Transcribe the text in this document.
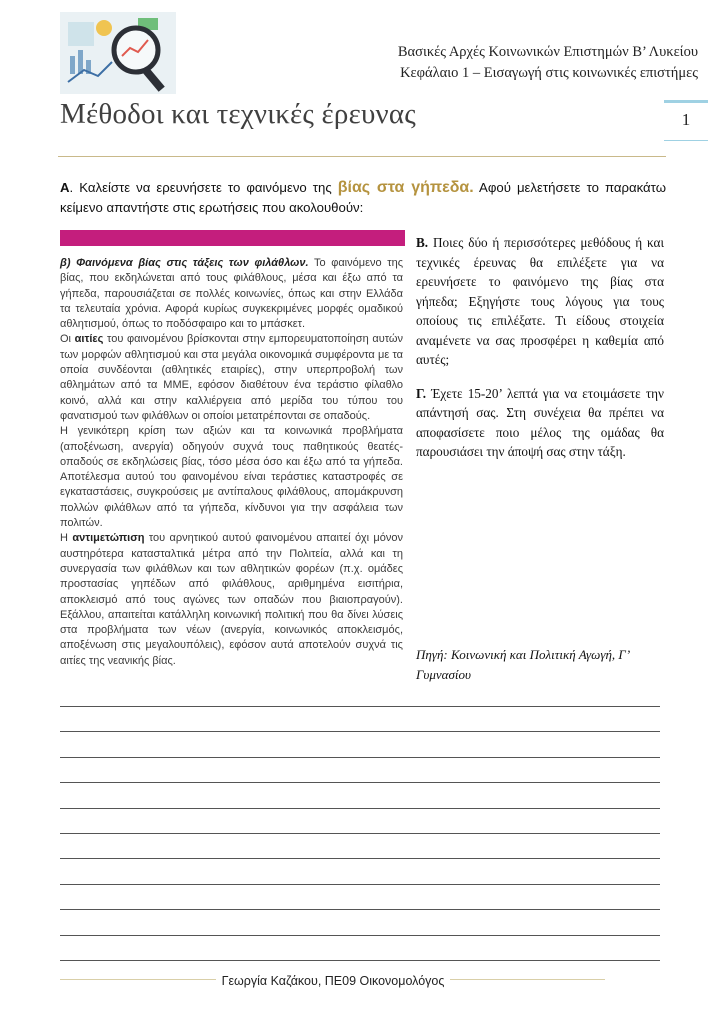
Βασικές Αρχές Κοινωνικών Επιστημών Β’ Λυκείου
Κεφάλαιο 1 – Εισαγωγή στις κοινωνικές επιστήμες
1
Μέθοδοι και τεχνικές έρευνας
Α. Καλείστε να ερευνήσετε το φαινόμενο της βίας στα γήπεδα. Αφού μελετήσετε το παρακάτω κείμενο απαντήστε στις ερωτήσεις που ακολουθούν:

β) Φαινόμενα βίας στις τάξεις των φιλάθλων. Το φαινόμενο της βίας, που εκδηλώνεται από τους φιλάθλους, μέσα και έξω από τα γήπεδα, παρουσιάζεται σε πολλές κοινωνίες, όπως και στην Ελλάδα τα τελευταία χρόνια. Αφορά κυρίως συγκεκριμένες μορφές ομαδικού αθλητισμού, όπως το ποδόσφαιρο και το μπάσκετ.

Οι αιτίες του φαινομένου βρίσκονται στην εμπορευματοποίηση αυτών των μορφών αθλητισμού και στα μεγάλα οικονομικά συμφέροντα με τα οποία συνδέονται (αθλητικές εταιρίες), στην υπερπροβολή των αθλημάτων από τα ΜΜΕ, εφόσον διαθέτουν ένα τεράστιο φίλαθλο κοινό, αλλά και στην καλλιέργεια από μερίδα του τύπου του φανατισμού των φιλάθλων οι οποίοι μετατρέπονται σε οπαδούς.

Η γενικότερη κρίση των αξιών και τα κοινωνικά προβλήματα (αποξένωση, ανεργία) οδηγούν συχνά τους παθητικούς θεατές-οπαδούς σε εκδηλώσεις βίας, τόσο μέσα όσο και έξω από τα γήπεδα. Αποτέλεσμα αυτού του φαινομένου είναι τεράστιες καταστροφές σε εγκαταστάσεις, συγκρούσεις με αντίπαλους φιλάθλους, απομάκρυνση πολλών φιλάθλων από τα γήπεδα, κίνδυνοι για την ασφάλεια των πολιτών.

Η αντιμετώπιση του αρνητικού αυτού φαινομένου απαιτεί όχι μόνον αυστηρότερα κατασταλτικά μέτρα από την Πολιτεία, αλλά και τη συνεργασία των φιλάθλων και των αθλητικών φορέων (π.χ. ομάδες προστασίας γηπέδων από φιλάθλους, αριθμημένα εισιτήρια, αποκλεισμό από τους αγώνες των οπαδών που βιαιοπραγούν). Εξάλλου, απαιτείται κατάλληλη κοινωνική πολιτική που θα δίνει λύσεις στα προβλήματα των νέων (ανεργία, κοινωνικός αποκλεισμός, αποξένωση στις μεγαλουπόλεις), εφόσον αυτά αποτελούν συχνά τις αιτίες της νεανικής βίας.

Β. Ποιες δύο ή περισσότερες μεθόδους ή και τεχνικές έρευνας θα επιλέξετε για να ερευνήσετε το φαινόμενο της βίας στα γήπεδα; Εξηγήστε τους λόγους για τους οποίους τις επιλέξατε. Τι είδους στοιχεία αναμένετε να σας προσφέρει η καθεμία από αυτές;

Γ. Έχετε 15-20’ λεπτά για να ετοιμάσετε την απάντησή σας. Στη συνέχεια θα πρέπει να αποφασίσετε ποιο μέλος της ομάδας θα παρουσιάσει την άποψή σας στην τάξη.

Πηγή: Κοινωνική και Πολιτική Αγωγή, Γ’ Γυμνασίου
Γεωργία Καζάκου, ΠΕ09 Οικονομολόγος
